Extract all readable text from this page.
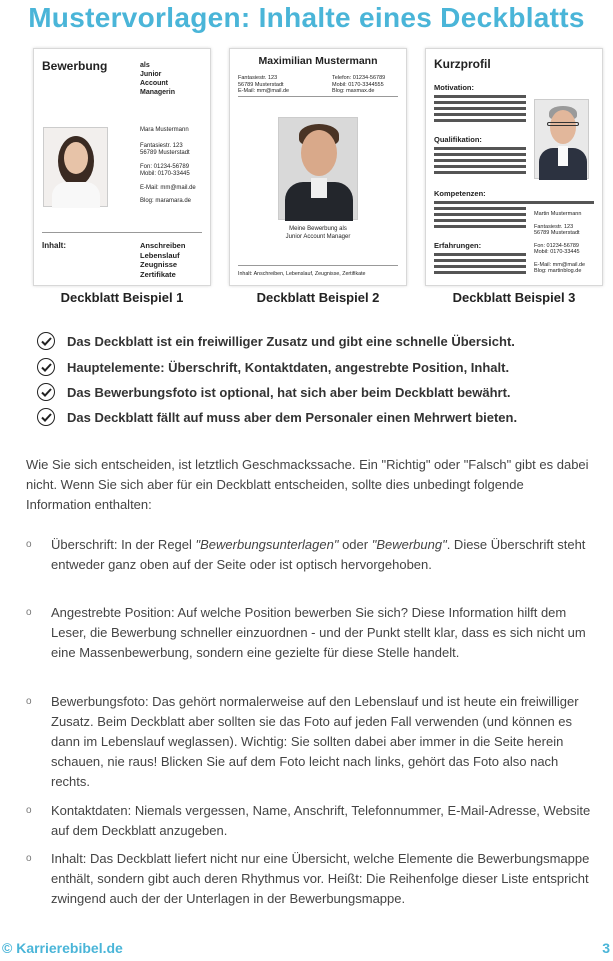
Mustervorlagen: Inhalte eines Deckblatts
Bewerbung	als
Junior
Account
Managerin
Mara Mustermann
Fantasiestr. 123
56789 Musterstadt
Fon: 01234-56789
Mobil: 0170-33445
E-Mail: mm@mail.de
Blog: maramara.de
Inhalt:	Anschreiben
Lebenslauf
Zeugnisse
Zertifikate
Deckblatt Beispiel 1
Maximilian Mustermann
Fantasiestr. 123
56789 Musterstadt
E-Mail: mm@mail.de
Telefon: 01234-56789
Mobil: 0170-3344555
Blog: maxmax.de
Meine Bewerbung als
Junior Account Manager
Inhalt: Anschreiben, Lebenslauf, Zeugnisse, Zertifikate
Deckblatt Beispiel 2
Kurzprofil
Motivation:
Qualifikation:
Kompetenzen:
Erfahrungen:
Martin Mustermann
Fantasiestr. 123
56789 Musterstadt
Fon: 01234-56789
Mobil: 0170-33445
E-Mail: mm@mail.de
Blog: martinblog.de
Deckblatt Beispiel 3
Das Deckblatt ist ein freiwilliger Zusatz und gibt eine schnelle Übersicht.
Hauptelemente: Überschrift, Kontaktdaten, angestrebte Position, Inhalt.
Das Bewerbungsfoto ist optional, hat sich aber beim Deckblatt bewährt.
Das Deckblatt fällt auf muss aber dem Personaler einen Mehrwert bieten.
Wie Sie sich entscheiden, ist letztlich Geschmackssache. Ein "Richtig" oder "Falsch" gibt es dabei nicht. Wenn Sie sich aber für ein Deckblatt entscheiden, sollte dies unbedingt folgende Information enthalten:
o Überschrift: In der Regel "Bewerbungsunterlagen" oder "Bewerbung". Diese Überschrift steht entweder ganz oben auf der Seite oder ist optisch hervorgehoben.
o Angestrebte Position: Auf welche Position bewerben Sie sich? Diese Information hilft dem Leser, die Bewerbung schneller einzuordnen - und der Punkt stellt klar, dass es sich nicht um eine Massenbewerbung, sondern eine gezielte für diese Stelle handelt.
o Bewerbungsfoto: Das gehört normalerweise auf den Lebenslauf und ist heute ein freiwilliger Zusatz. Beim Deckblatt aber sollten sie das Foto auf jeden Fall verwenden (und können es dann im Lebenslauf weglassen). Wichtig: Sie sollten dabei aber immer in die Seite herein schauen, nie raus! Blicken Sie auf dem Foto leicht nach links, gehört das Foto also nach rechts.
o Kontaktdaten: Niemals vergessen, Name, Anschrift, Telefonnummer, E-Mail-Adresse, Website auf dem Deckblatt anzugeben.
o Inhalt: Das Deckblatt liefert nicht nur eine Übersicht, welche Elemente die Bewerbungsmappe enthält, sondern gibt auch deren Rhythmus vor. Heißt: Die Reihenfolge dieser Liste entspricht zwingend auch der der Unterlagen in der Bewerbungsmappe.
© Karrierebibel.de	3
